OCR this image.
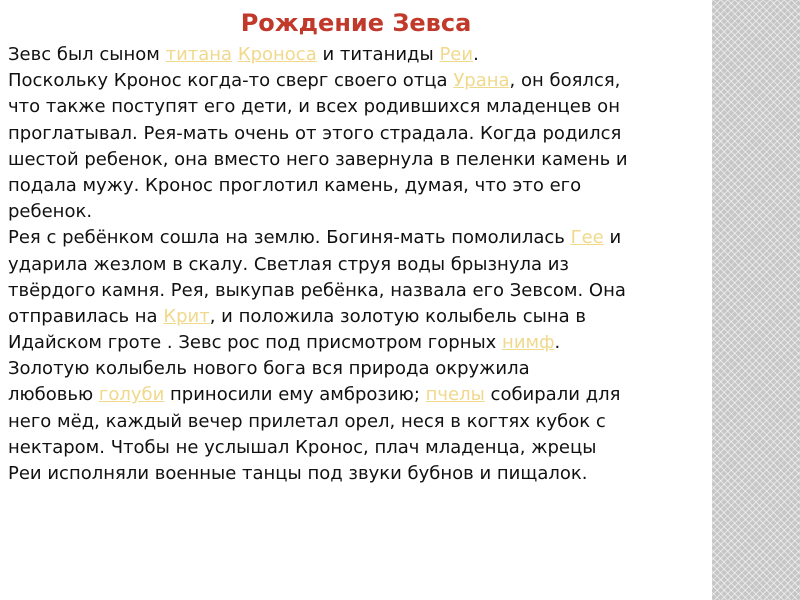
Рождение Зевса
Зевс был сыном титана Кроноса и титаниды Реи.
Поскольку Кронос когда-то сверг своего отца Урана, он боялся,
что также поступят его дети, и всех родившихся младенцев он
проглатывал. Рея-мать очень от этого страдала. Когда родился
шестой ребенок, она вместо него завернула в пеленки камень и
подала мужу. Кронос проглотил камень, думая, что это его
ребенок.
Рея с ребёнком сошла на землю. Богиня-мать помолилась Гее и
ударила жезлом в скалу. Светлая струя воды брызнула из
твёрдого камня. Рея, выкупав ребёнка, назвала его Зевсом. Она
отправилась на Крит, и положила золотую колыбель сына в
Идайском гроте . Зевс рос под присмотром горных нимф.
Золотую колыбель нового бога вся природа окружила
любовью голуби приносили ему амброзию; пчелы собирали для
него мёд, каждый вечер прилетал орел, неся в когтях кубок с
нектаром. Чтобы не услышал Кронос, плач младенца, жрецы
Реи исполняли военные танцы под звуки бубнов и пищалок.
